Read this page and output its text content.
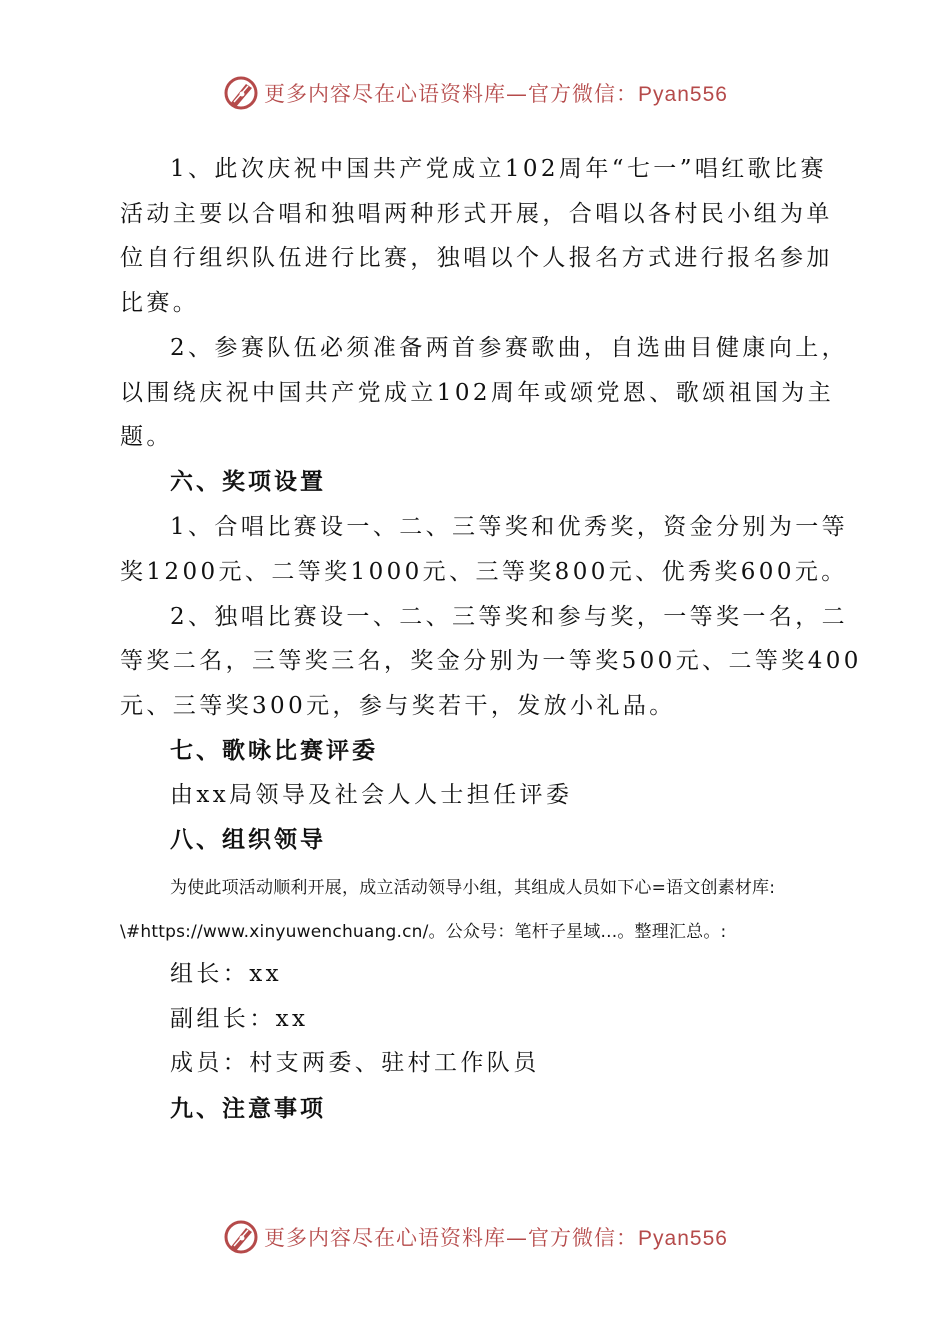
更多内容尽在心语资料库—官方微信：Pyan556
1、此次庆祝中国共产党成立102周年“七一”唱红歌比赛
活动主要以合唱和独唱两种形式开展，合唱以各村民小组为单
位自行组织队伍进行比赛，独唱以个人报名方式进行报名参加
比赛。
2、参赛队伍必须准备两首参赛歌曲，自选曲目健康向上，
以围绕庆祝中国共产党成立102周年或颂党恩、歌颂祖国为主
题。
六、奖项设置
1、合唱比赛设一、二、三等奖和优秀奖，资金分别为一等
奖1200元、二等奖1000元、三等奖800元、优秀奖600元。
2、独唱比赛设一、二、三等奖和参与奖，一等奖一名，二
等奖二名，三等奖三名，奖金分别为一等奖500元、二等奖400
元、三等奖300元，参与奖若干，发放小礼品。
七、歌咏比赛评委
由xx局领导及社会人人士担任评委
八、组织领导
为使此项活动顺利开展，成立活动领导小组，其组成人员如下心=语文创素材库:
\#https://www.xinyuwenchuang.cn/。公众号：笔杆子星域...。整理汇总。:
组长：xx
副组长：xx
成员：村支两委、驻村工作队员
九、注意事项
更多内容尽在心语资料库—官方微信：Pyan556
